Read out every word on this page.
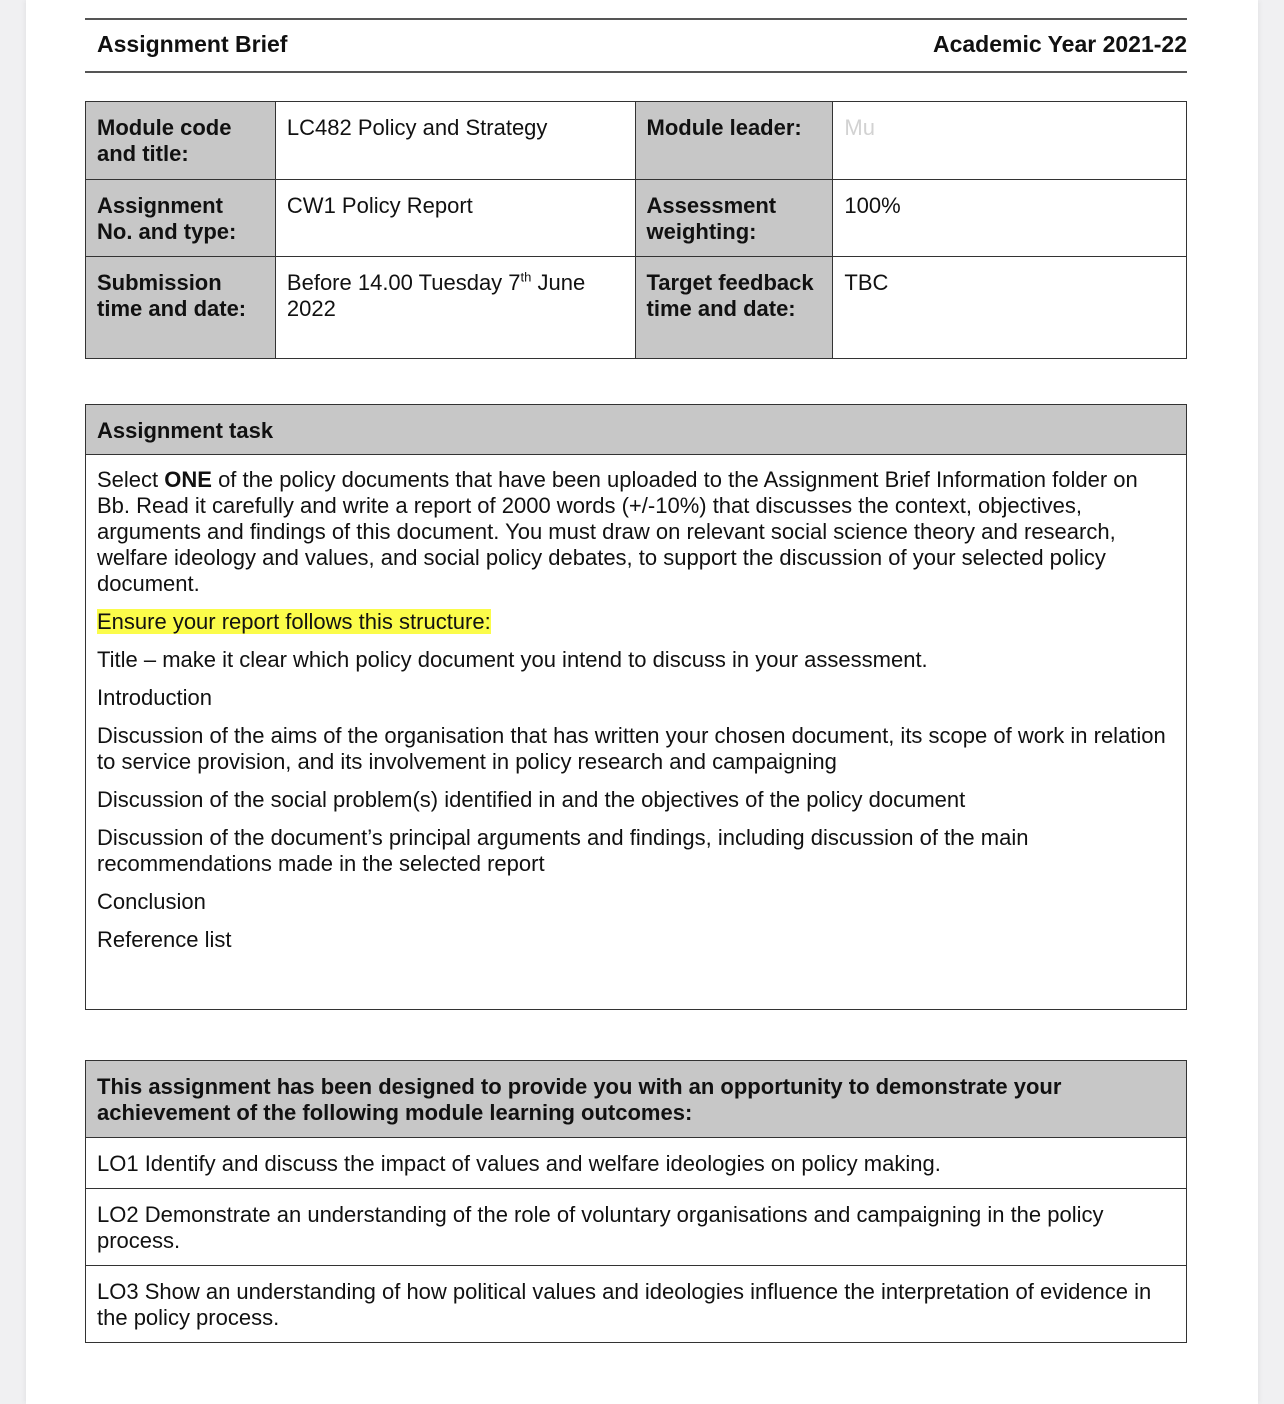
Assignment Brief	Academic Year 2021-22
Module code and title:	LC482 Policy and Strategy	Module leader:	Mu
Assignment No. and type:	CW1 Policy Report	Assessment weighting:	100%
Submission time and date:	Before 14.00 Tuesday 7th June 2022	Target feedback time and date:	TBC
Assignment task

Select ONE of the policy documents that have been uploaded to the Assignment Brief Information folder on Bb. Read it carefully and write a report of 2000 words (+/-10%) that discusses the context, objectives, arguments and findings of this document. You must draw on relevant social science theory and research, welfare ideology and values, and social policy debates, to support the discussion of your selected policy document.

Ensure your report follows this structure:

Title – make it clear which policy document you intend to discuss in your assessment.

Introduction

Discussion of the aims of the organisation that has written your chosen document, its scope of work in relation to service provision, and its involvement in policy research and campaigning

Discussion of the social problem(s) identified in and the objectives of the policy document

Discussion of the document’s principal arguments and findings, including discussion of the main recommendations made in the selected report

Conclusion

Reference list

This assignment has been designed to provide you with an opportunity to demonstrate your achievement of the following module learning outcomes:
LO1 Identify and discuss the impact of values and welfare ideologies on policy making.
LO2 Demonstrate an understanding of the role of voluntary organisations and campaigning in the policy process.
LO3 Show an understanding of how political values and ideologies influence the interpretation of evidence in the policy process.
